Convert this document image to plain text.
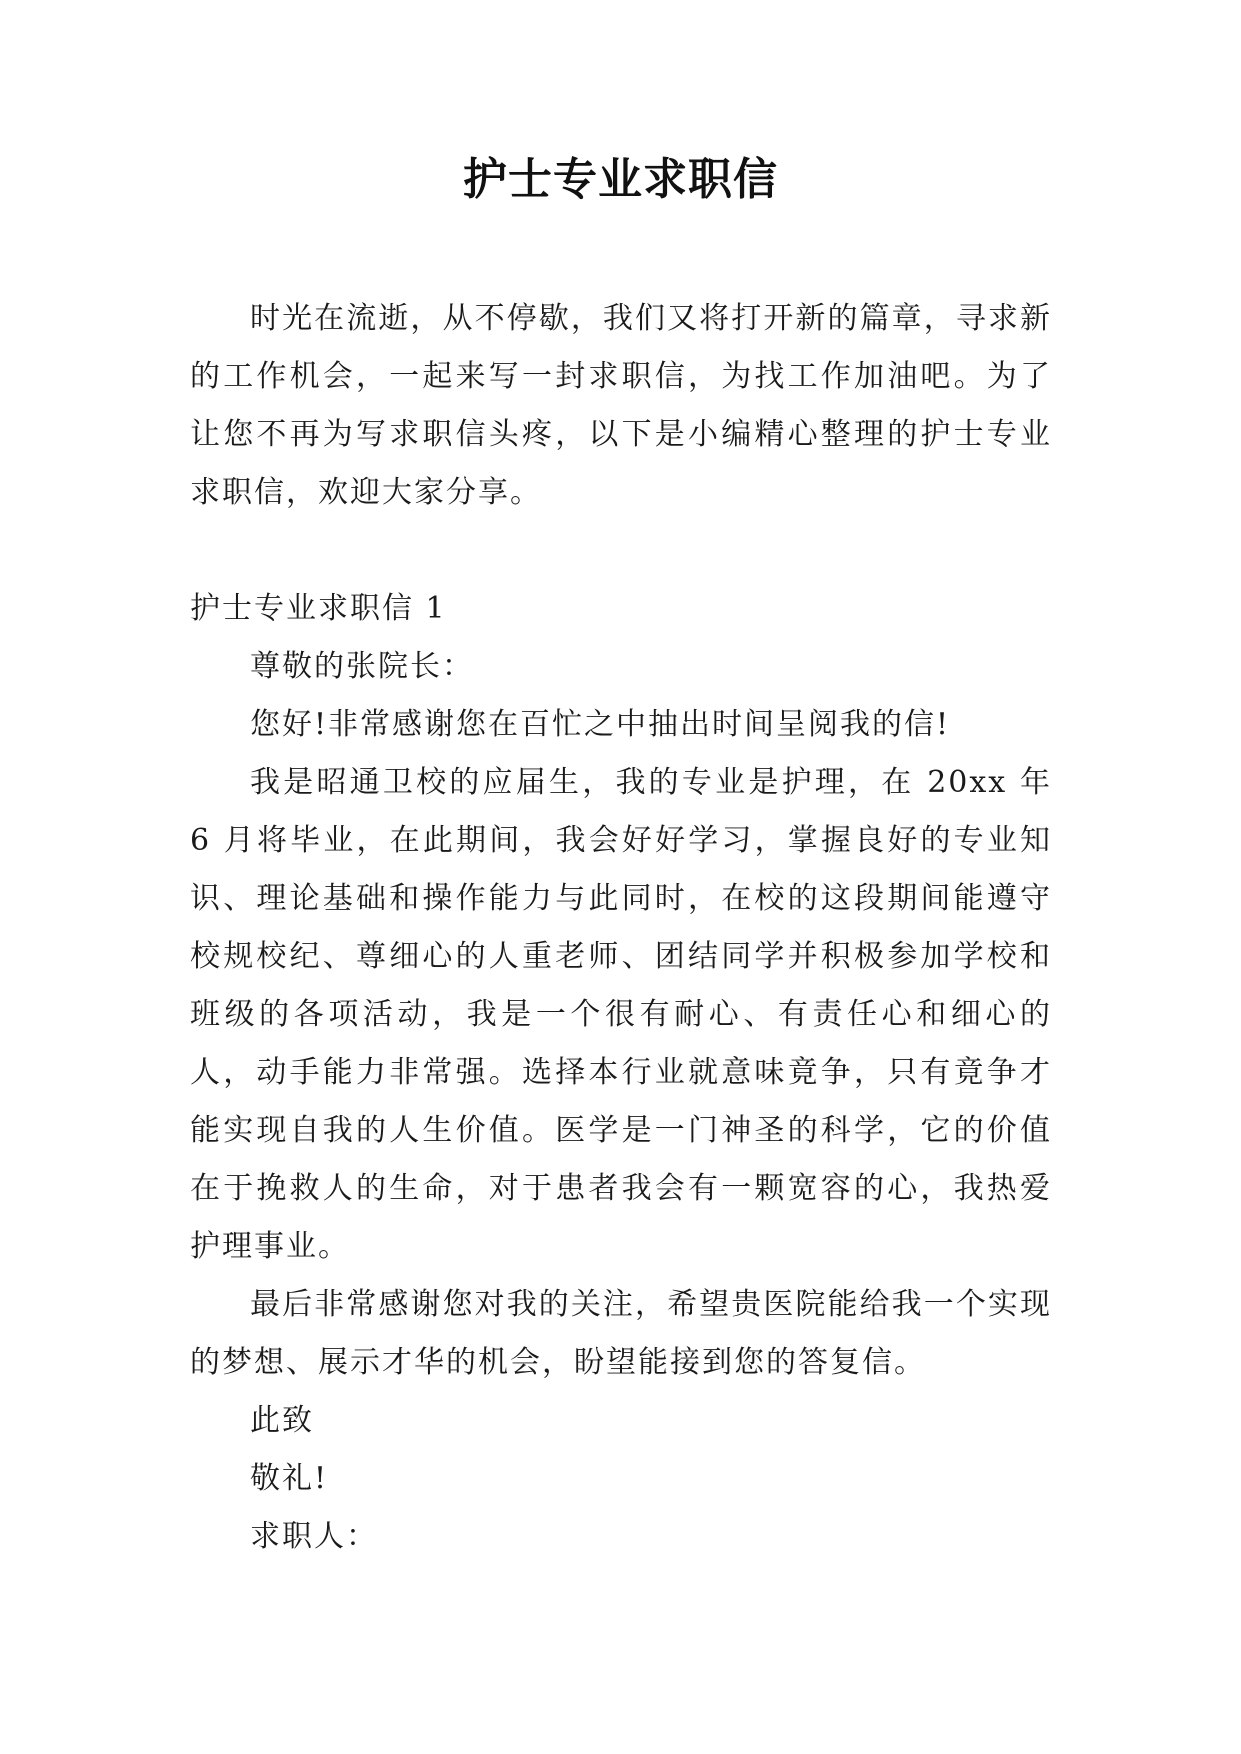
护士专业求职信

时光在流逝，从不停歇，我们又将打开新的篇章，寻求新的工作机会，一起来写一封求职信，为找工作加油吧。为了让您不再为写求职信头疼，以下是小编精心整理的护士专业求职信，欢迎大家分享。

护士专业求职信 1

尊敬的张院长：

您好!非常感谢您在百忙之中抽出时间呈阅我的信!

我是昭通卫校的应届生，我的专业是护理，在 20xx 年 6 月将毕业，在此期间，我会好好学习，掌握良好的专业知识、理论基础和操作能力与此同时，在校的这段期间能遵守校规校纪、尊细心的人重老师、团结同学并积极参加学校和班级的各项活动，我是一个很有耐心、有责任心和细心的人，动手能力非常强。选择本行业就意味竟争，只有竟争才能实现自我的人生价值。医学是一门神圣的科学，它的价值在于挽救人的生命，对于患者我会有一颗宽容的心，我热爱护理事业。

最后非常感谢您对我的关注，希望贵医院能给我一个实现的梦想、展示才华的机会，盼望能接到您的答复信。

此致

敬礼!

求职人：
